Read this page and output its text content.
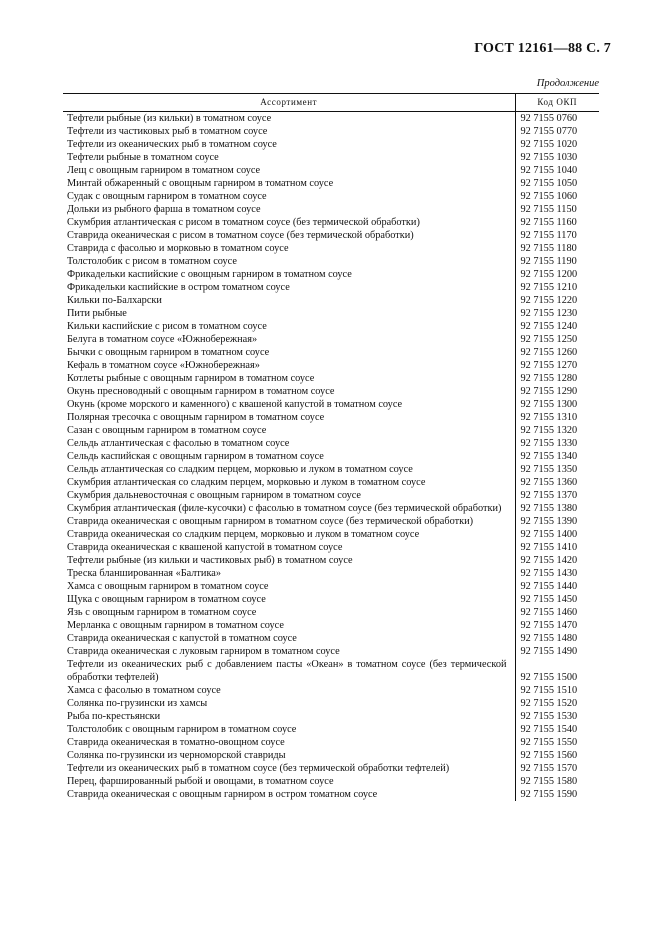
ГОСТ 12161—88 С. 7
Продолжение
Ассортимент	Код ОКП
Тефтели рыбные (из кильки) в томатном соусе	92 7155 0760
Тефтели из частиковых рыб в томатном соусе	92 7155 0770
Тефтели из океанических рыб в томатном соусе	92 7155 1020
Тефтели рыбные в томатном соусе	92 7155 1030
Лещ с овощным гарниром в томатном соусе	92 7155 1040
Минтай обжаренный с овощным гарниром в томатном соусе	92 7155 1050
Судак с овощным гарниром в томатном соусе	92 7155 1060
Дольки из рыбного фарша в томатном соусе	92 7155 1150
Скумбрия атлантическая с рисом в томатном соусе (без термической обработки)	92 7155 1160
Ставрида океаническая с рисом в томатном соусе (без термической обработки)	92 7155 1170
Ставрида с фасолью и морковью в томатном соусе	92 7155 1180
Толстолобик с рисом в томатном соусе	92 7155 1190
Фрикадельки каспийские с овощным гарниром в томатном соусе	92 7155 1200
Фрикадельки каспийские в остром томатном соусе	92 7155 1210
Кильки по-Балхарски	92 7155 1220
Пити рыбные	92 7155 1230
Кильки каспийские с рисом в томатном соусе	92 7155 1240
Белуга в томатном соусе «Южнобережная»	92 7155 1250
Бычки с овощным гарниром в томатном соусе	92 7155 1260
Кефаль в томатном соусе «Южнобережная»	92 7155 1270
Котлеты рыбные с овощным гарниром в томатном соусе	92 7155 1280
Окунь пресноводный с овощным гарниром в томатном соусе	92 7155 1290
Окунь (кроме морского и каменного) с квашеной капустой в томатном соусе	92 7155 1300
Полярная тресочка с овощным гарниром в томатном соусе	92 7155 1310
Сазан с овощным гарниром в томатном соусе	92 7155 1320
Сельдь атлантическая с фасолью в томатном соусе	92 7155 1330
Сельдь каспийская с овощным гарниром в томатном соусе	92 7155 1340
Сельдь атлантическая со сладким перцем, морковью и луком в томатном соусе	92 7155 1350
Скумбрия атлантическая со сладким перцем, морковью и луком в томатном соусе	92 7155 1360
Скумбрия дальневосточная с овощным гарниром в томатном соусе	92 7155 1370
Скумбрия атлантическая (филе-кусочки) с фасолью в томатном соусе (без термической обработки)	92 7155 1380
Ставрида океаническая с овощным гарниром в томатном соусе (без термической обработки)	92 7155 1390
Ставрида океаническая со сладким перцем, морковью и луком в томатном соусе	92 7155 1400
Ставрида океаническая с квашеной капустой в томатном соусе	92 7155 1410
Тефтели рыбные (из кильки и частиковых рыб) в томатном соусе	92 7155 1420
Треска бланшированная «Балтика»	92 7155 1430
Хамса с овощным гарниром в томатном соусе	92 7155 1440
Щука с овощным гарниром в томатном соусе	92 7155 1450
Язь с овощным гарниром в томатном соусе	92 7155 1460
Мерланка с овощным гарниром в томатном соусе	92 7155 1470
Ставрида океаническая с капустой в томатном соусе	92 7155 1480
Ставрида океаническая с луковым гарниром в томатном соусе	92 7155 1490
Тефтели из океанических рыб с добавлением пасты «Океан» в томатном соусе (без термической обработки тефтелей)	92 7155 1500
Хамса с фасолью в томатном соусе	92 7155 1510
Солянка по-грузински из хамсы	92 7155 1520
Рыба по-крестьянски	92 7155 1530
Толстолобик с овощным гарниром в томатном соусе	92 7155 1540
Ставрида океаническая в томатно-овощном соусе	92 7155 1550
Солянка по-грузински из черноморской ставриды	92 7155 1560
Тефтели из океанических рыб в томатном соусе (без термической обработки тефтелей)	92 7155 1570
Перец, фаршированный рыбой и овощами, в томатном соусе	92 7155 1580
Ставрида океаническая с овощным гарниром в остром томатном соусе	92 7155 1590
